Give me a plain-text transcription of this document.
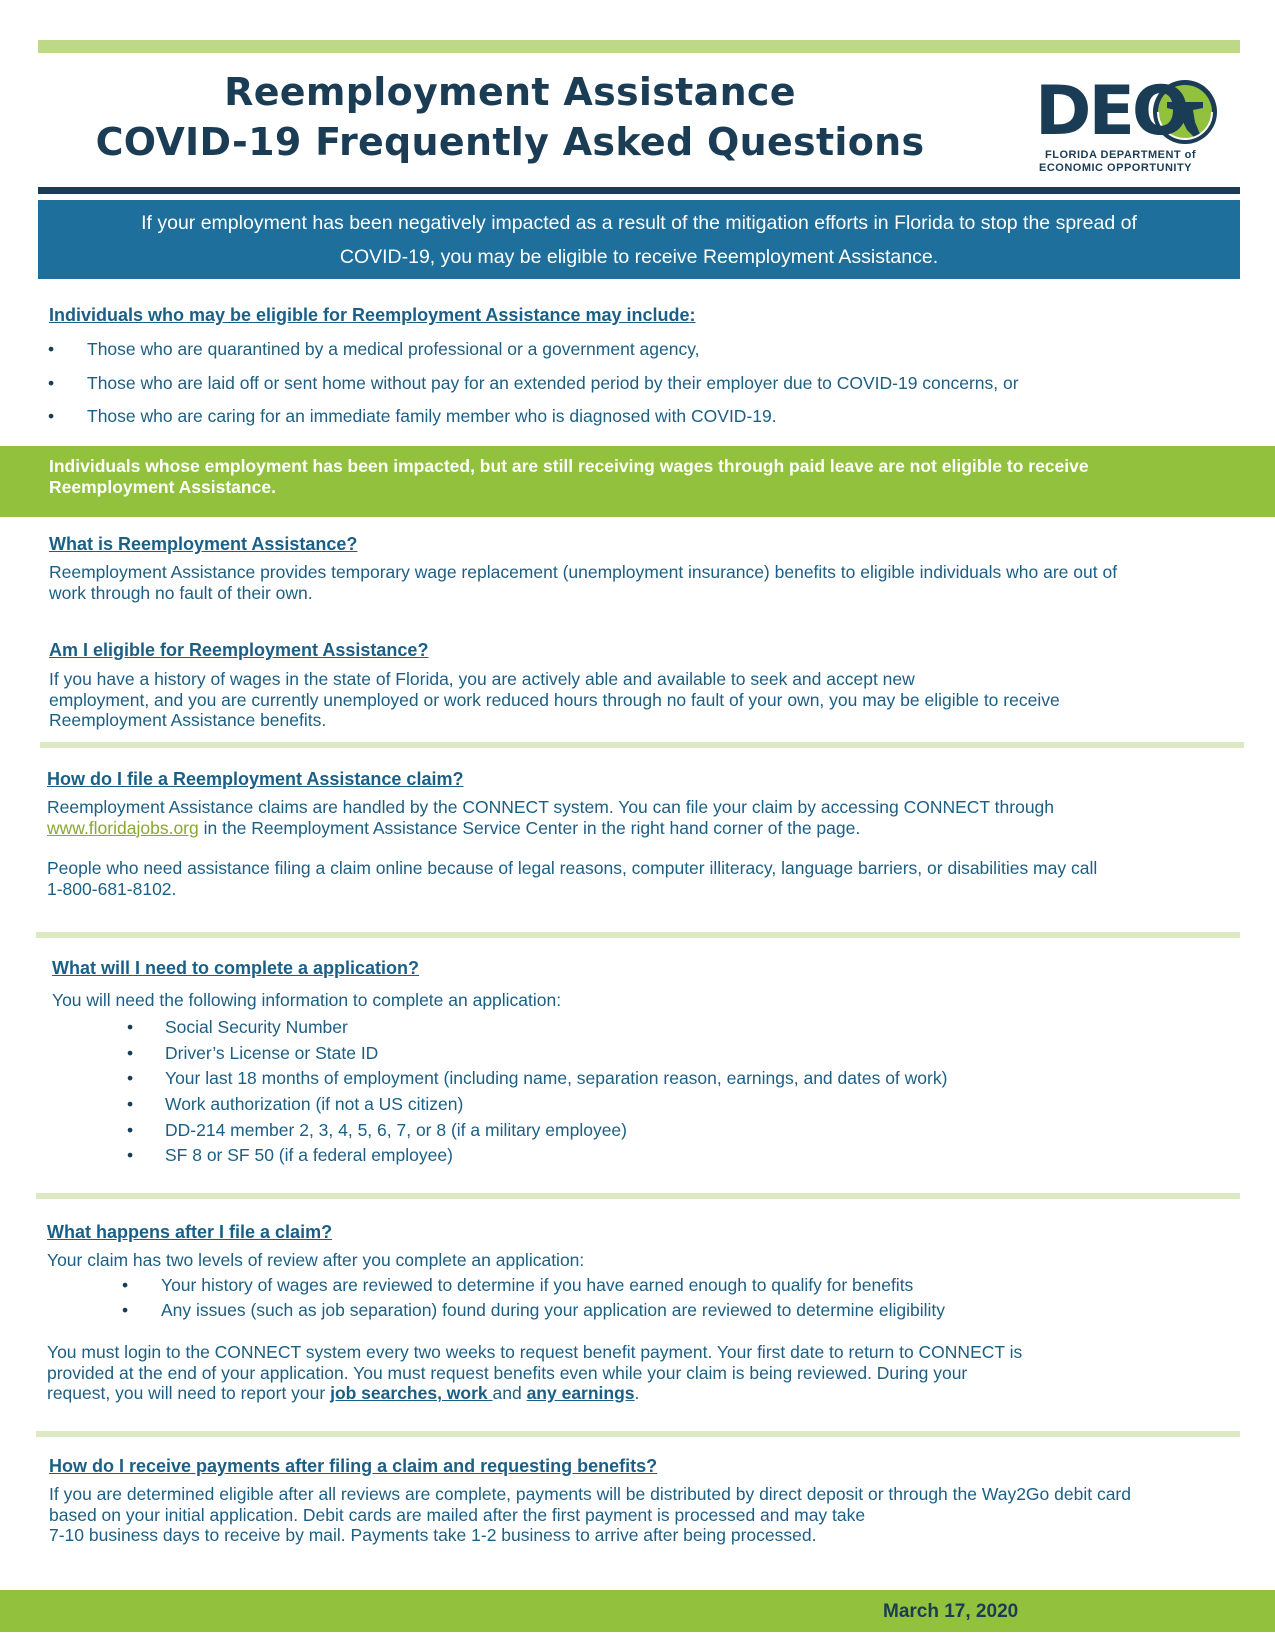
Reemployment Assistance
COVID-19 Frequently Asked Questions	DEO
FLORIDA DEPARTMENT of
ECONOMIC OPPORTUNITY
If your employment has been negatively impacted as a result of the mitigation efforts in Florida to stop the spread of
COVID-19, you may be eligible to receive Reemployment Assistance.
Individuals who may be eligible for Reemployment Assistance may include:
• Those who are quarantined by a medical professional or a government agency,
• Those who are laid off or sent home without pay for an extended period by their employer due to COVID-19 concerns, or
• Those who are caring for an immediate family member who is diagnosed with COVID-19.
Individuals whose employment has been impacted, but are still receiving wages through paid leave are not eligible to receive
Reemployment Assistance.
What is Reemployment Assistance?
Reemployment Assistance provides temporary wage replacement (unemployment insurance) benefits to eligible individuals who are out of
work through no fault of their own.
Am I eligible for Reemployment Assistance?
If you have a history of wages in the state of Florida, you are actively able and available to seek and accept new
employment, and you are currently unemployed or work reduced hours through no fault of your own, you may be eligible to receive
Reemployment Assistance benefits.
How do I file a Reemployment Assistance claim?
Reemployment Assistance claims are handled by the CONNECT system. You can file your claim by accessing CONNECT through
www.floridajobs.org in the Reemployment Assistance Service Center in the right hand corner of the page.
People who need assistance filing a claim online because of legal reasons, computer illiteracy, language barriers, or disabilities may call
1-800-681-8102.
What will I need to complete a application?
You will need the following information to complete an application:
• Social Security Number
• Driver’s License or State ID
• Your last 18 months of employment (including name, separation reason, earnings, and dates of work)
• Work authorization (if not a US citizen)
• DD-214 member 2, 3, 4, 5, 6, 7, or 8 (if a military employee)
• SF 8 or SF 50 (if a federal employee)
What happens after I file a claim?
Your claim has two levels of review after you complete an application:
• Your history of wages are reviewed to determine if you have earned enough to qualify for benefits
• Any issues (such as job separation) found during your application are reviewed to determine eligibility
You must login to the CONNECT system every two weeks to request benefit payment. Your first date to return to CONNECT is
provided at the end of your application. You must request benefits even while your claim is being reviewed. During your
request, you will need to report your job searches, work and any earnings.
How do I receive payments after filing a claim and requesting benefits?
If you are determined eligible after all reviews are complete, payments will be distributed by direct deposit or through the Way2Go debit card
based on your initial application. Debit cards are mailed after the first payment is processed and may take
7-10 business days to receive by mail. Payments take 1-2 business to arrive after being processed.
March 17, 2020
